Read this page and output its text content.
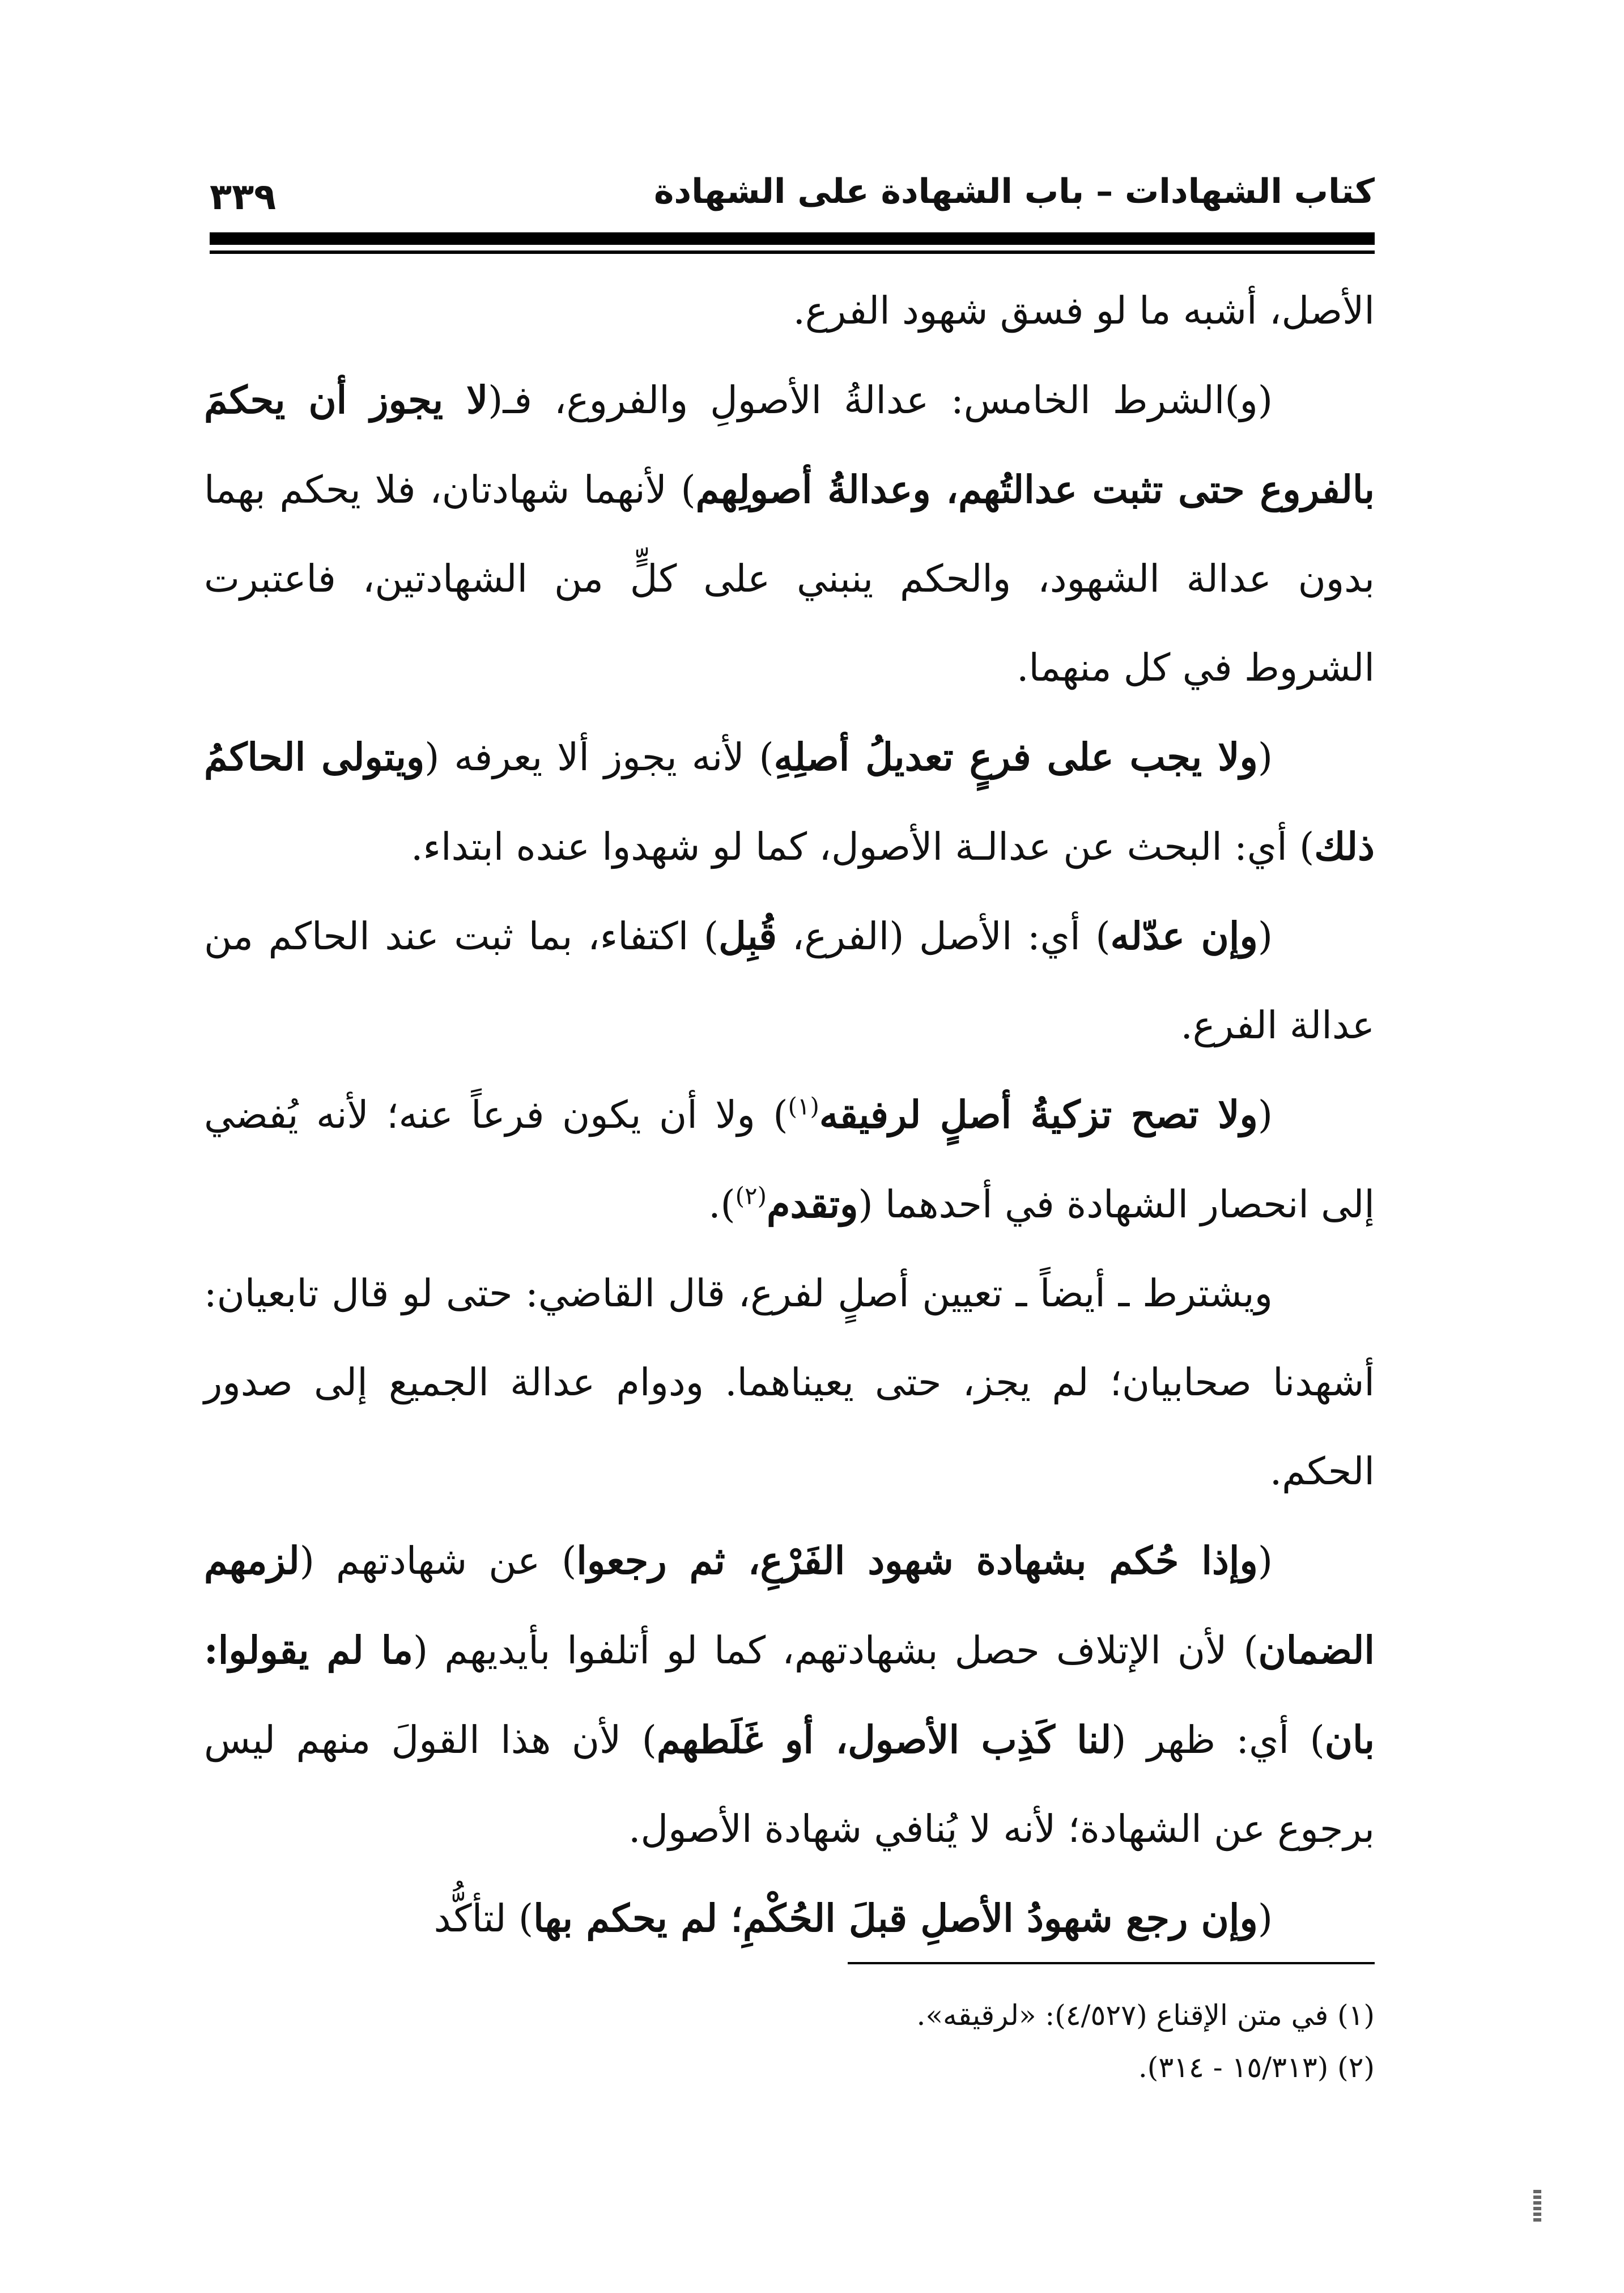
كتاب الشهادات – باب الشهادة على الشهادة
٣٣٩

الأصل، أشبه ما لو فسق شهود الفرع.

(و)الشرط الخامس: عدالةُ الأصولِ والفروع، فـ(لا يجوز أن يحكمَ بالفروع حتى تثبت عدالتُهم، وعدالةُ أصولِهم) لأنهما شهادتان، فلا يحكم بهما بدون عدالة الشهود، والحكم ينبني على كلٍّ من الشهادتين، فاعتبرت الشروط في كل منهما.

(ولا يجب على فرعٍ تعديلُ أصلِهِ) لأنه يجوز ألا يعرفه (ويتولى الحاكمُ ذلك) أي: البحث عن عدالـة الأصول، كما لو شهدوا عنده ابتداء.

(وإن عدّله) أي: الأصل (الفرع، قُبِل) اكتفاء، بما ثبت عند الحاكم من عدالة الفرع.

(ولا تصح تزكيةُ أصلٍ لرفيقه$^{(١)}$) ولا أن يكون فرعاً عنه؛ لأنه يُفضي إلى انحصار الشهادة في أحدهما (وتقدم$^{(٢)}$).

ويشترط ـ أيضاً ـ تعيين أصلٍ لفرع، قال القاضي: حتى لو قال تابعيان: أشهدنا صحابيان؛ لم يجز، حتى يعيناهما. ودوام عدالة الجميع إلى صدور الحكم.

(وإذا حُكم بشهادة شهود الفَرْعِ، ثم رجعوا) عن شهادتهم (لزمهم الضمان) لأن الإتلاف حصل بشهادتهم، كما لو أتلفوا بأيديهم (ما لم يقولوا: بان) أي: ظهر (لنا كَذِب الأصول، أو غَلَطهم) لأن هذا القولَ منهم ليس برجوع عن الشهادة؛ لأنه لا يُنافي شهادة الأصول.

(وإن رجع شهودُ الأصلِ قبلَ الحُكْمِ؛ لم يحكم بها) لتأكُّد

(١) في متن الإقناع (٤/٥٢٧): «لرقيقه».

(٢) (١٥/٣١٣ - ٣١٤).
